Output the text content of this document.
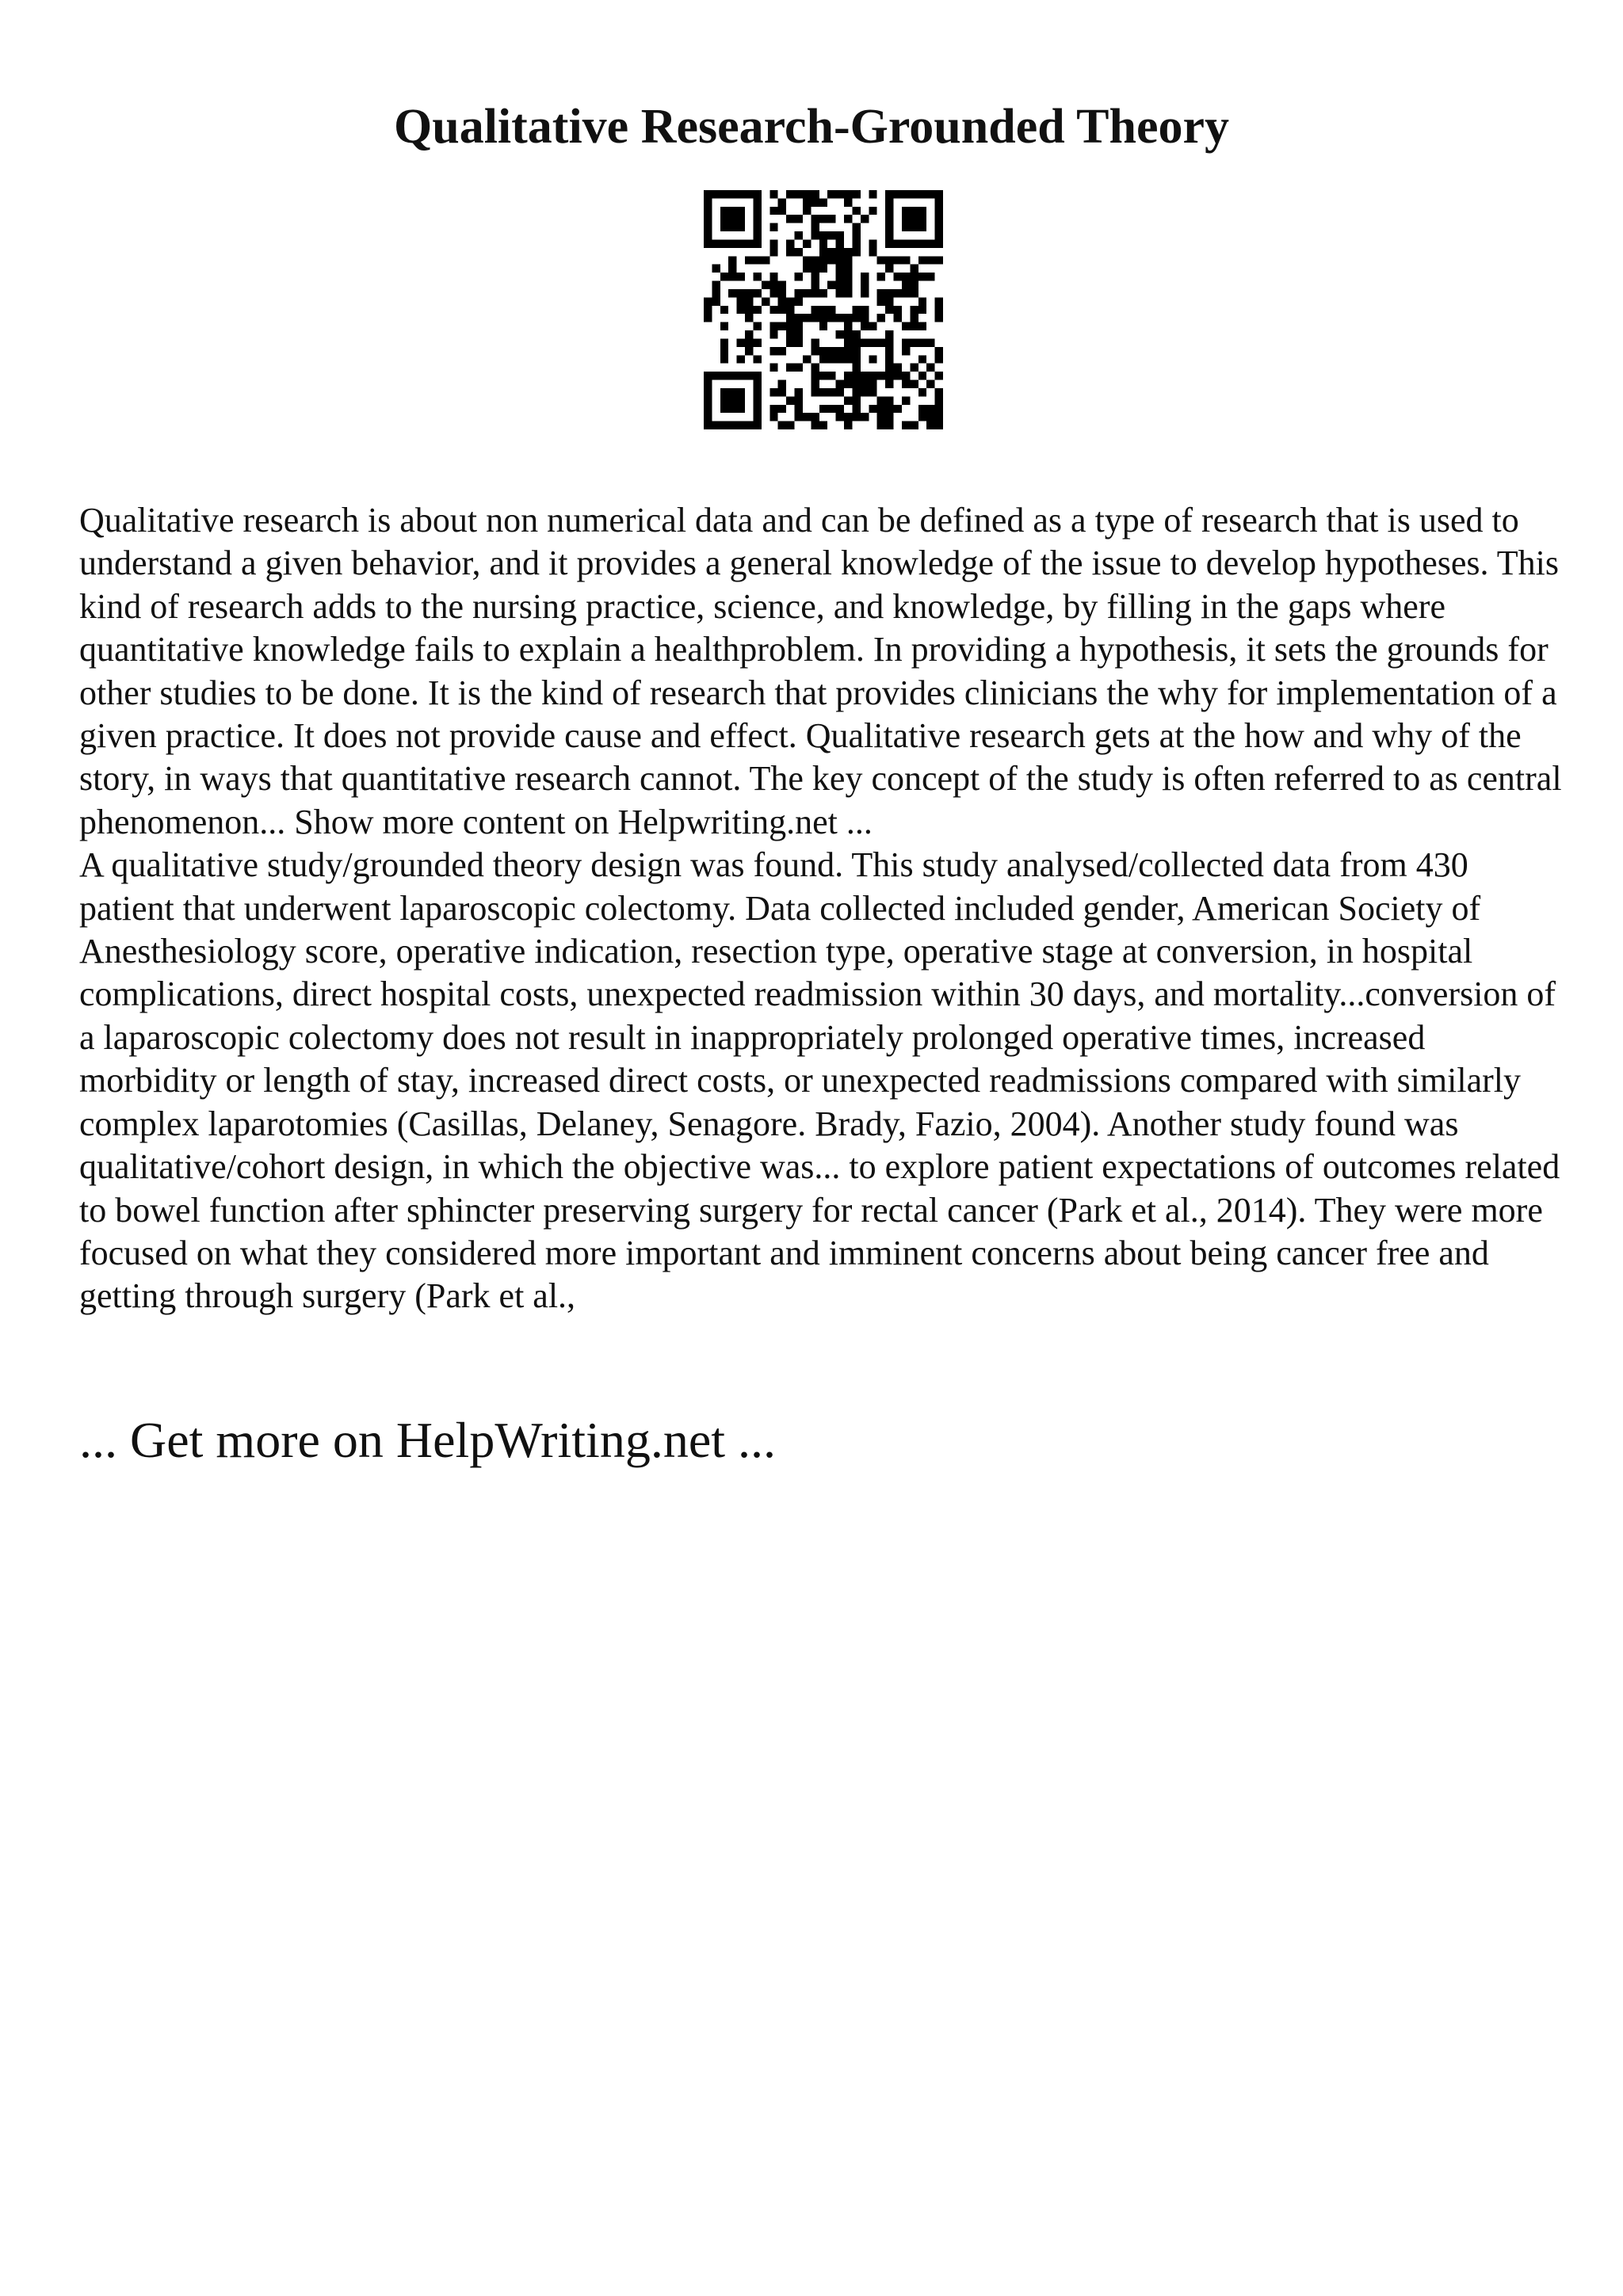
Qualitative Research-Grounded Theory

Qualitative research is about non numerical data and can be defined as a type of research that is used to understand a given behavior, and it provides a general knowledge of the issue to develop hypotheses. This kind of research adds to the nursing practice, science, and knowledge, by filling in the gaps where quantitative knowledge fails to explain a healthproblem. In providing a hypothesis, it sets the grounds for other studies to be done. It is the kind of research that provides clinicians the why for implementation of a given practice. It does not provide cause and effect. Qualitative research gets at the how and why of the story, in ways that quantitative research cannot. The key concept of the study is often referred to as central phenomenon... Show more content on Helpwriting.net ...

A qualitative study/grounded theory design was found. This study analysed/collected data from 430 patient that underwent laparoscopic colectomy. Data collected included gender, American Society of Anesthesiology score, operative indication, resection type, operative stage at conversion, in hospital complications, direct hospital costs, unexpected readmission within 30 days, and mortality...conversion of a laparoscopic colectomy does not result in inappropriately prolonged operative times, increased morbidity or length of stay, increased direct costs, or unexpected readmissions compared with similarly complex laparotomies (Casillas, Delaney, Senagore. Brady, Fazio, 2004). Another study found was qualitative/cohort design, in which the objective was... to explore patient expectations of outcomes related to bowel function after sphincter preserving surgery for rectal cancer (Park et al., 2014). They were more focused on what they considered more important and imminent concerns about being cancer free and getting through surgery (Park et al.,

... Get more on HelpWriting.net ...
